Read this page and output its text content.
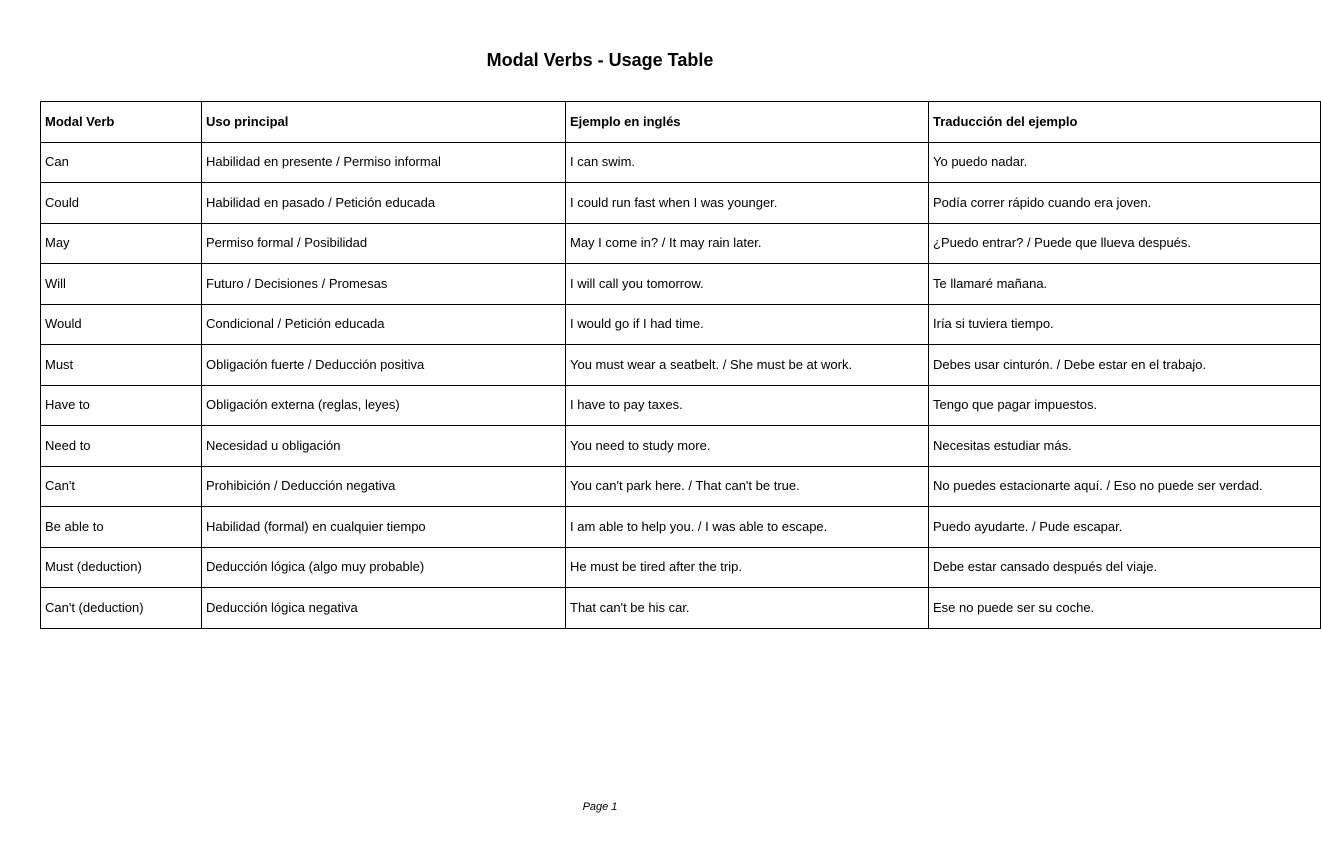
Modal Verbs - Usage Table
Modal Verb	Uso principal	Ejemplo en inglés	Traducción del ejemplo
Can	Habilidad en presente / Permiso informal	I can swim.	Yo puedo nadar.
Could	Habilidad en pasado / Petición educada	I could run fast when I was younger.	Podía correr rápido cuando era joven.
May	Permiso formal / Posibilidad	May I come in? / It may rain later.	¿Puedo entrar? / Puede que llueva después.
Will	Futuro / Decisiones / Promesas	I will call you tomorrow.	Te llamaré mañana.
Would	Condicional / Petición educada	I would go if I had time.	Iría si tuviera tiempo.
Must	Obligación fuerte / Deducción positiva	You must wear a seatbelt. / She must be at work.	Debes usar cinturón. / Debe estar en el trabajo.
Have to	Obligación externa (reglas, leyes)	I have to pay taxes.	Tengo que pagar impuestos.
Need to	Necesidad u obligación	You need to study more.	Necesitas estudiar más.
Can't	Prohibición / Deducción negativa	You can't park here. / That can't be true.	No puedes estacionarte aquí. / Eso no puede ser verdad.
Be able to	Habilidad (formal) en cualquier tiempo	I am able to help you. / I was able to escape.	Puedo ayudarte. / Pude escapar.
Must (deduction)	Deducción lógica (algo muy probable)	He must be tired after the trip.	Debe estar cansado después del viaje.
Can't (deduction)	Deducción lógica negativa	That can't be his car.	Ese no puede ser su coche.
Page 1
